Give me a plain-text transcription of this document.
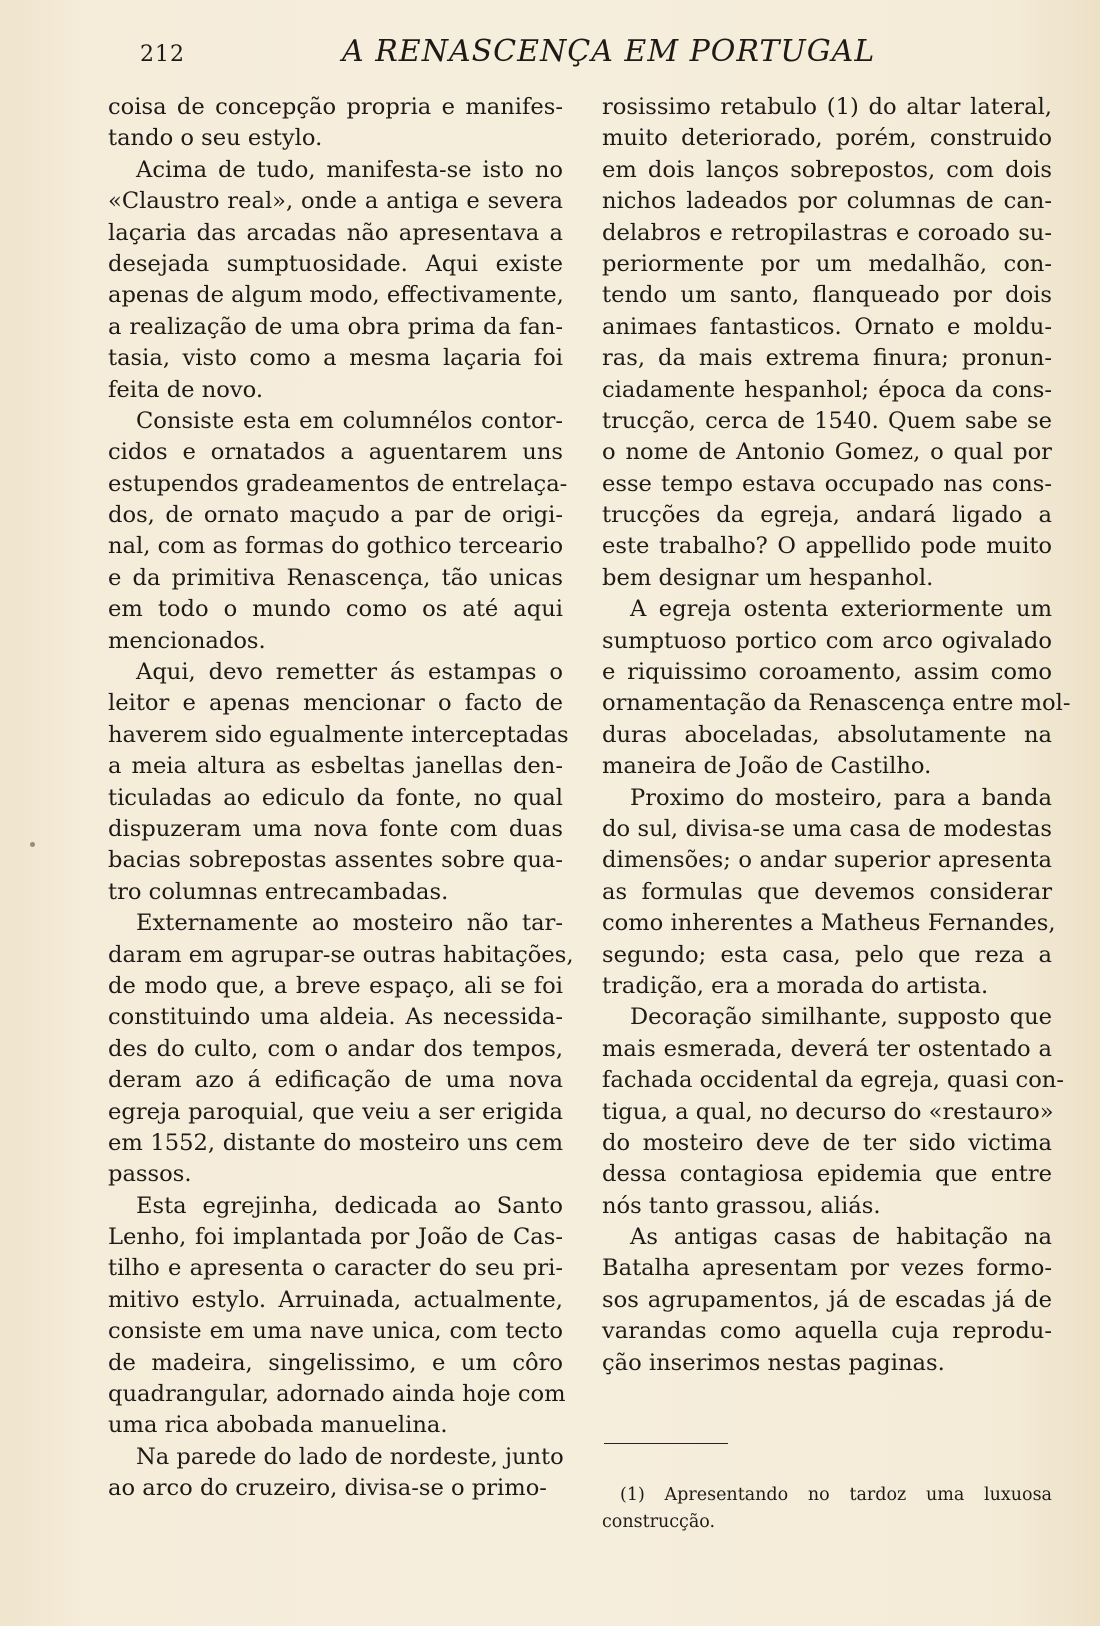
212	A RENASCENÇA EM PORTUGAL
coisa de concepção propria e manifes-
tando o seu estylo.
Acima de tudo, manifesta-se isto no
«Claustro real», onde a antiga e severa
laçaria das arcadas não apresentava a
desejada sumptuosidade. Aqui existe
apenas de algum modo, effectivamente,
a realização de uma obra prima da fan-
tasia, visto como a mesma laçaria foi
feita de novo.
Consiste esta em columnélos contor-
cidos e ornatados a aguentarem uns
estupendos gradeamentos de entrelaça-
dos, de ornato maçudo a par de origi-
nal, com as formas do gothico terceario
e da primitiva Renascença, tão unicas
em todo o mundo como os até aqui
mencionados.
Aqui, devo remetter ás estampas o
leitor e apenas mencionar o facto de
haverem sido egualmente interceptadas
a meia altura as esbeltas janellas den-
ticuladas ao ediculo da fonte, no qual
dispuzeram uma nova fonte com duas
bacias sobrepostas assentes sobre qua-
tro columnas entrecambadas.
Externamente ao mosteiro não tar-
daram em agrupar-se outras habitações,
de modo que, a breve espaço, ali se foi
constituindo uma aldeia. As necessida-
des do culto, com o andar dos tempos,
deram azo á edificação de uma nova
egreja paroquial, que veiu a ser erigida
em 1552, distante do mosteiro uns cem
passos.
Esta egrejinha, dedicada ao Santo
Lenho, foi implantada por João de Cas-
tilho e apresenta o caracter do seu pri-
mitivo estylo. Arruinada, actualmente,
consiste em uma nave unica, com tecto
de madeira, singelissimo, e um côro
quadrangular, adornado ainda hoje com
uma rica abobada manuelina.
Na parede do lado de nordeste, junto
ao arco do cruzeiro, divisa-se o primo-
rosissimo retabulo (1) do altar lateral,
muito deteriorado, porém, construido
em dois lanços sobrepostos, com dois
nichos ladeados por columnas de can-
delabros e retropilastras e coroado su-
periormente por um medalhão, con-
tendo um santo, flanqueado por dois
animaes fantasticos. Ornato e moldu-
ras, da mais extrema finura; pronun-
ciadamente hespanhol; época da cons-
trucção, cerca de 1540. Quem sabe se
o nome de Antonio Gomez, o qual por
esse tempo estava occupado nas cons-
trucções da egreja, andará ligado a
este trabalho? O appellido pode muito
bem designar um hespanhol.
A egreja ostenta exteriormente um
sumptuoso portico com arco ogivalado
e riquissimo coroamento, assim como
ornamentação da Renascença entre mol-
duras aboceladas, absolutamente na
maneira de João de Castilho.
Proximo do mosteiro, para a banda
do sul, divisa-se uma casa de modestas
dimensões; o andar superior apresenta
as formulas que devemos considerar
como inherentes a Matheus Fernandes,
segundo; esta casa, pelo que reza a
tradição, era a morada do artista.
Decoração similhante, supposto que
mais esmerada, deverá ter ostentado a
fachada occidental da egreja, quasi con-
tigua, a qual, no decurso do «restauro»
do mosteiro deve de ter sido victima
dessa contagiosa epidemia que entre
nós tanto grassou, aliás.
As antigas casas de habitação na
Batalha apresentam por vezes formo-
sos agrupamentos, já de escadas já de
varandas como aquella cuja reprodu-
ção inserimos nestas paginas.
(1) Apresentando no tardoz uma luxuosa
construcção.
